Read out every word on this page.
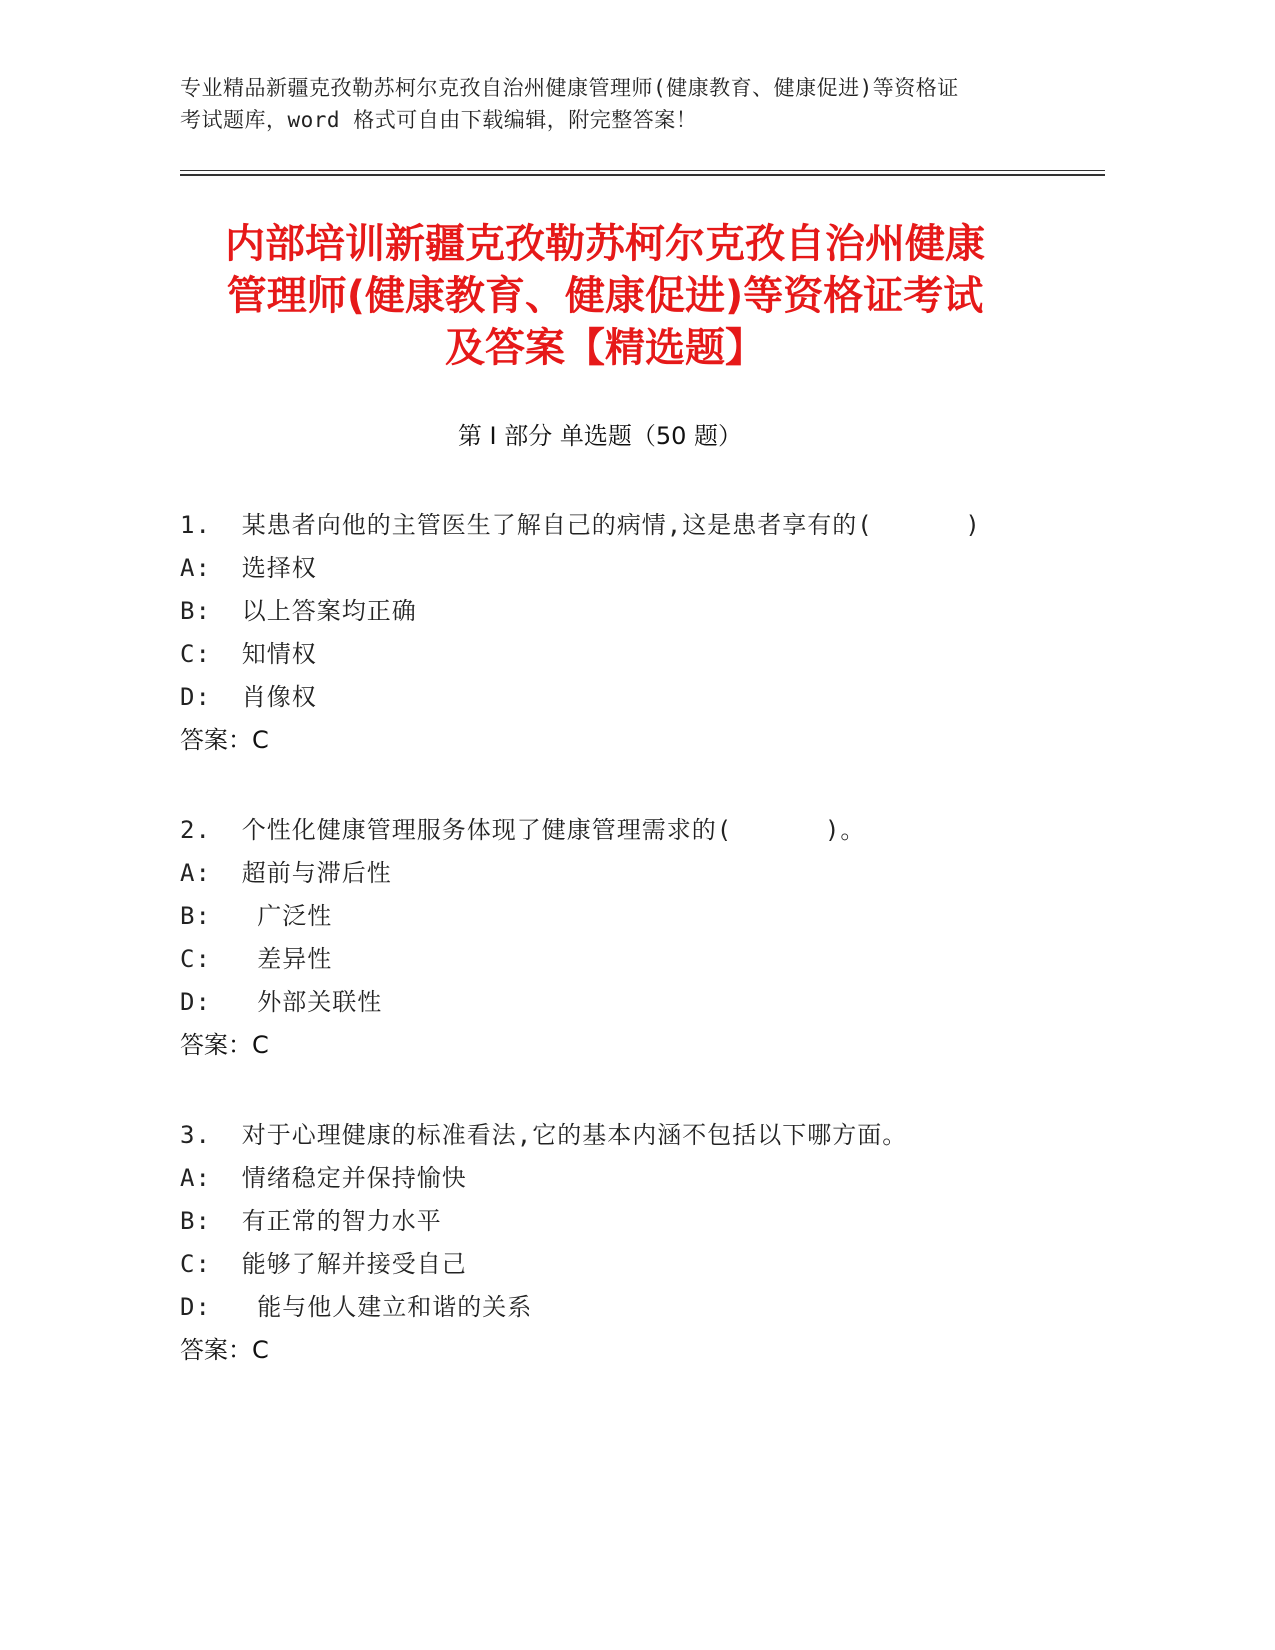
专业精品新疆克孜勒苏柯尔克孜自治州健康管理师(健康教育、健康促进)等资格证
考试题库，word 格式可自由下载编辑，附完整答案！
内部培训新疆克孜勒苏柯尔克孜自治州健康
管理师(健康教育、健康促进)等资格证考试
及答案【精选题】
第 I 部分 单选题（50 题）
1.  某患者向他的主管医生了解自己的病情,这是患者享有的(      )
A:  选择权
B:  以上答案均正确
C:  知情权
D:  肖像权
答案：C
2.  个性化健康管理服务体现了健康管理需求的(      )。
A:  超前与滞后性
B:   广泛性
C:   差异性
D:   外部关联性
答案：C
3.  对于心理健康的标准看法,它的基本内涵不包括以下哪方面。
A:  情绪稳定并保持愉快
B:  有正常的智力水平
C:  能够了解并接受自己
D:   能与他人建立和谐的关系
答案：C
